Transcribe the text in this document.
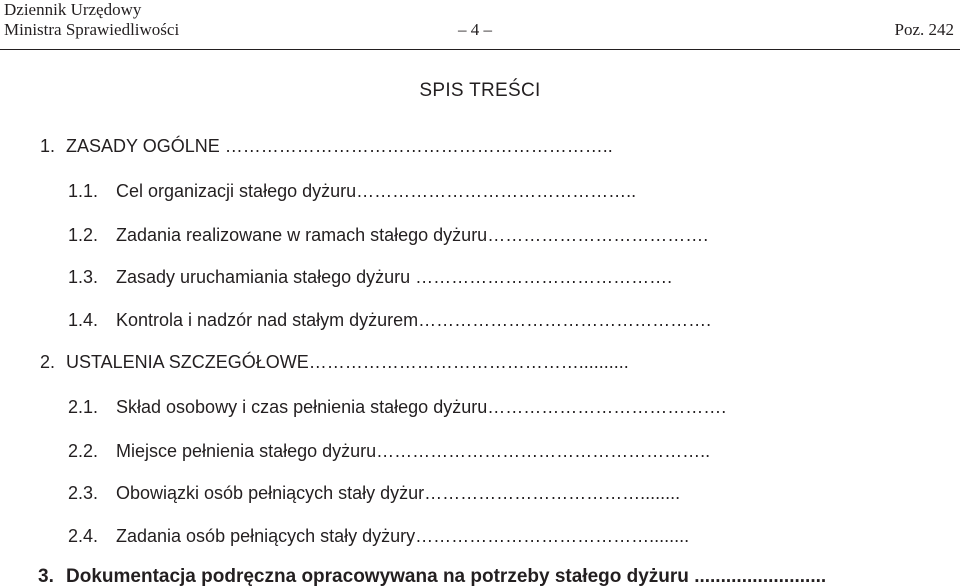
Dziennik Urzędowy
Ministra Sprawiedliwości	– 4 –	Poz. 242
SPIS TREŚCI
1. ZASADY OGÓLNE ………………………………………………………..
1.1. Cel organizacji stałego dyżuru………………………………………..
1.2. Zadania realizowane w ramach stałego dyżuru……………………………….
1.3. Zasady uruchamiania stałego dyżuru …………………………………….
1.4. Kontrola i nadzór nad stałym dyżurem………………………………………….
2. USTALENIA SZCZEGÓŁOWE………………………………………..........
2.1. Skład osobowy i czas pełnienia stałego dyżuru………………………………….
2.2. Miejsce pełnienia stałego dyżuru………………………………………………..
2.3. Obowiązki osób pełniących stały dyżur………………………………........
2.4. Zadania osób pełniących stały dyżury…………………………………........
3. Dokumentacja podręczna opracowywana na potrzeby stałego dyżuru .........................
